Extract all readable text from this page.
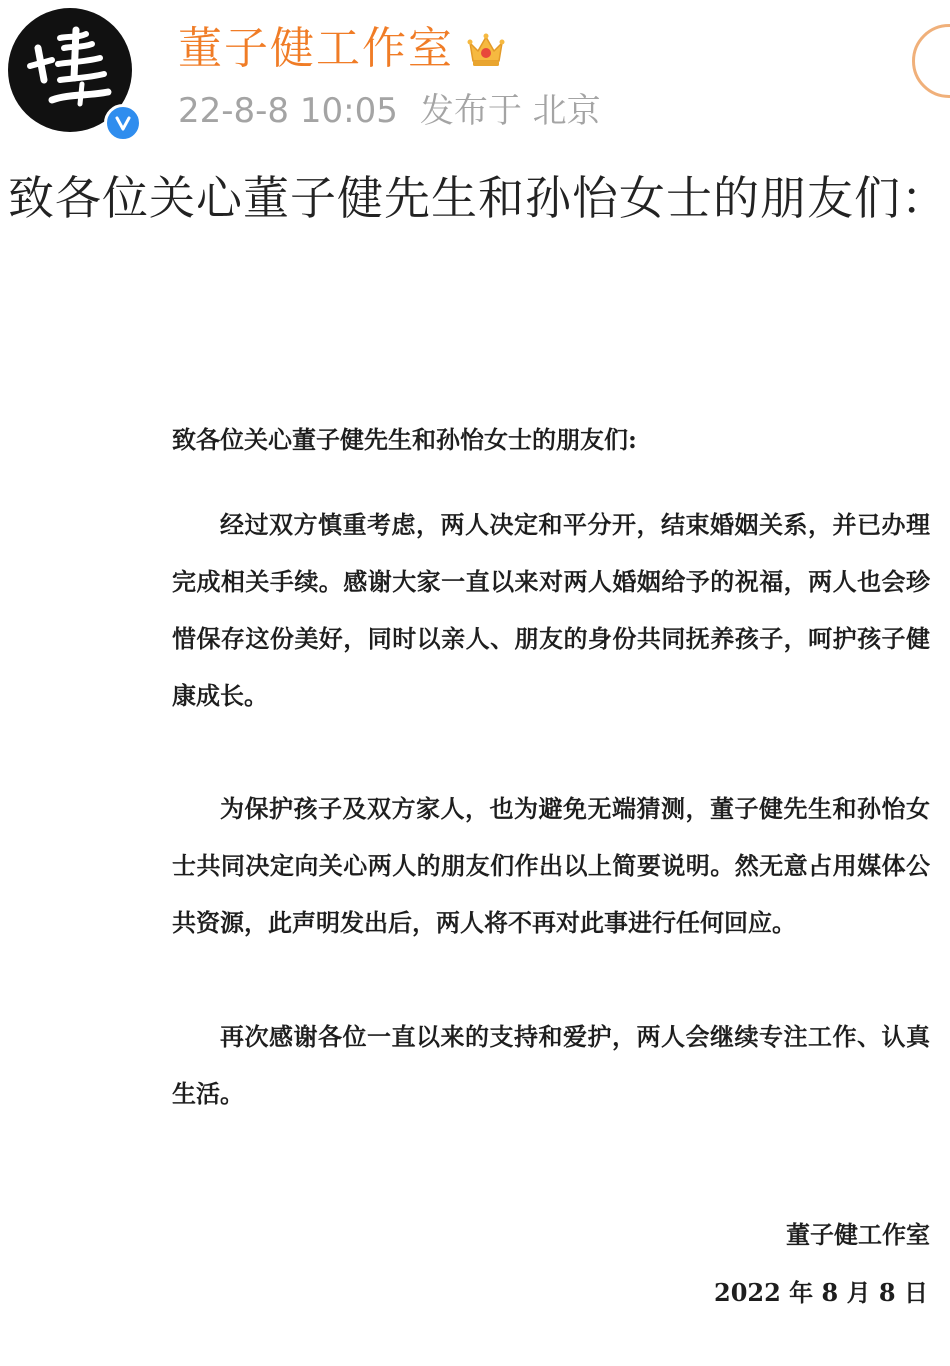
董子健工作室
22-8-8 10:05 发布于 北京
致各位关心董子健先生和孙怡女士的朋友们：
致各位关心董子健先生和孙怡女士的朋友们:

经过双方慎重考虑，两人决定和平分开，结束婚姻关系，并已办理完成相关手续。感谢大家一直以来对两人婚姻给予的祝福，两人也会珍惜保存这份美好，同时以亲人、朋友的身份共同抚养孩子，呵护孩子健康成长。

为保护孩子及双方家人，也为避免无端猜测，董子健先生和孙怡女士共同决定向关心两人的朋友们作出以上简要说明。然无意占用媒体公共资源，此声明发出后，两人将不再对此事进行任何回应。

再次感谢各位一直以来的支持和爱护，两人会继续专注工作、认真生活。

董子健工作室
2022 年 8 月 8 日
